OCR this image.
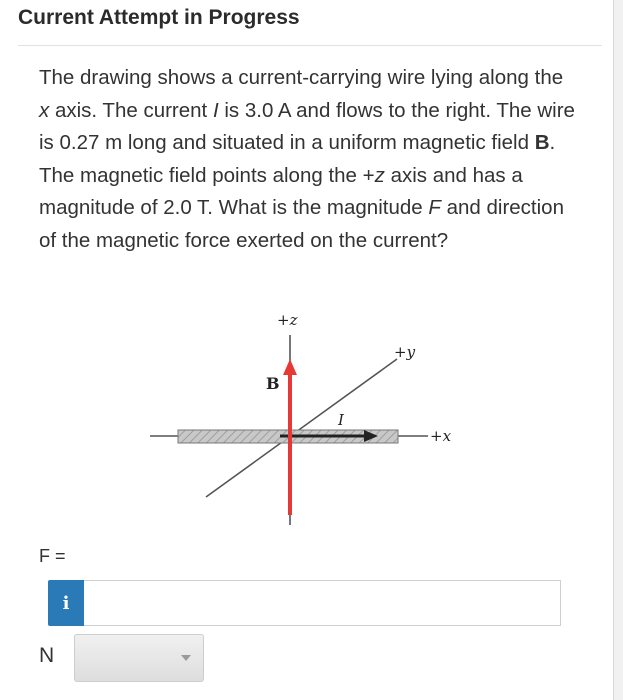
Current Attempt in Progress
The drawing shows a current-carrying wire lying along the x axis. The current I is 3.0 A and flows to the right. The wire is 0.27 m long and situated in a uniform magnetic field B. The magnetic field points along the +z axis and has a magnitude of 2.0 T. What is the magnitude F and direction of the magnetic force exerted on the current?
+z
+y
+x
B
I
F =
i
N
